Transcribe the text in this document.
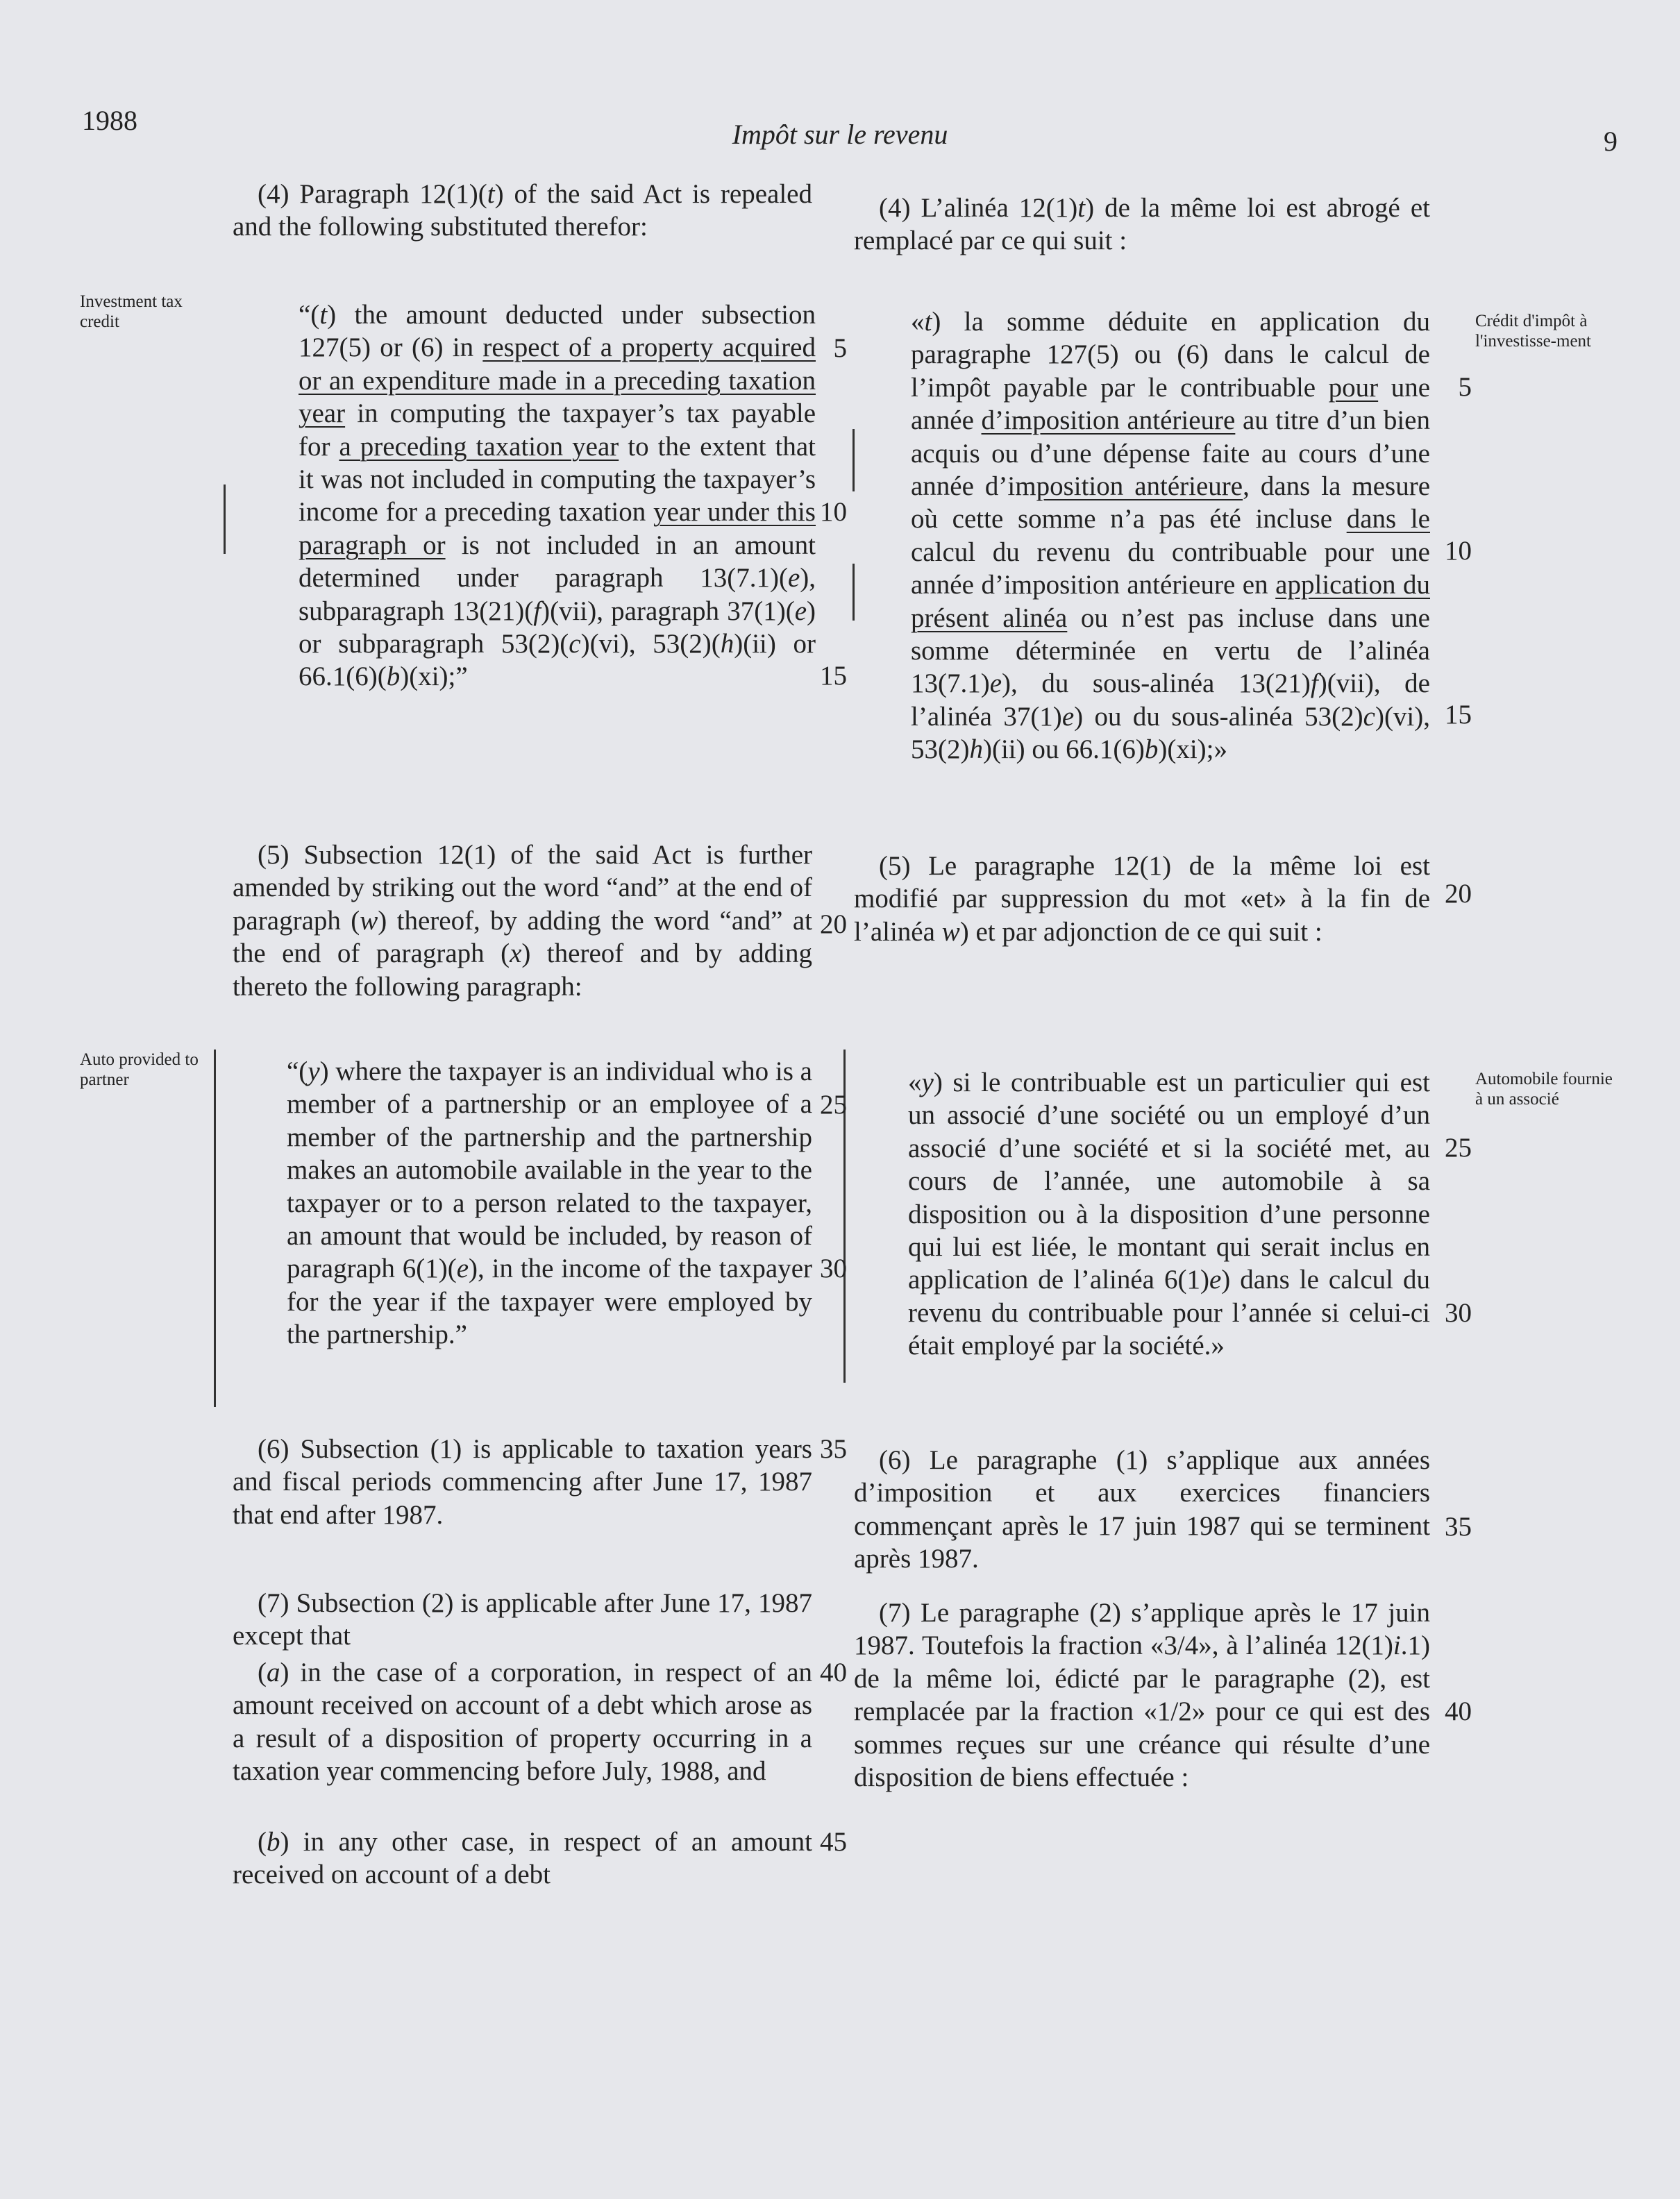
1988	Impôt sur le revenu	9
Investment tax credit
Auto provided to partner
Crédit d'impôt à l'investisse-ment
Automobile fournie à un associé

(4) Paragraph 12(1)(t) of the said Act is repealed and the following substituted therefor:

“(t) the amount deducted under subsection 127(5) or (6) in respect of a property acquired or an expenditure made in a preceding taxation year in computing the taxpayer’s tax payable for a preceding taxation year to the extent that it was not included in computing the taxpayer’s income for a preceding taxation year under this paragraph or is not included in an amount determined under paragraph 13(7.1)(e), subparagraph 13(21)(f)(vii), paragraph 37(1)(e) or subparagraph 53(2)(c)(vi), 53(2)(h)(ii) or 66.1(6)(b)(xi);”

(5) Subsection 12(1) of the said Act is further amended by striking out the word “and” at the end of paragraph (w) thereof, by adding the word “and” at the end of paragraph (x) thereof and by adding thereto the following paragraph:

“(y) where the taxpayer is an individual who is a member of a partnership or an employee of a member of the partnership and the partnership makes an automobile available in the year to the taxpayer or to a person related to the taxpayer, an amount that would be included, by reason of paragraph 6(1)(e), in the income of the taxpayer for the year if the taxpayer were employed by the partnership.”

(6) Subsection (1) is applicable to taxation years and fiscal periods commencing after June 17, 1987 that end after 1987.

(7) Subsection (2) is applicable after June 17, 1987 except that

(a) in the case of a corporation, in respect of an amount received on account of a debt which arose as a result of a disposition of property occurring in a taxation year commencing before July, 1988, and

(b) in any other case, in respect of an amount received on account of a debt

5
10
15
20
25
30
35
40
45

(4) L’alinéa 12(1)t) de la même loi est abrogé et remplacé par ce qui suit :

«t) la somme déduite en application du paragraphe 127(5) ou (6) dans le calcul de l’impôt payable par le contribuable pour une année d’imposition antérieure au titre d’un bien acquis ou d’une dépense faite au cours d’une année d’imposition antérieure, dans la mesure où cette somme n’a pas été incluse dans le calcul du revenu du contribuable pour une année d’imposition antérieure en application du présent alinéa ou n’est pas incluse dans une somme déterminée en vertu de l’alinéa 13(7.1)e), du sous-alinéa 13(21)f)(vii), de l’alinéa 37(1)e) ou du sous-alinéa 53(2)c)(vi), 53(2)h)(ii) ou 66.1(6)b)(xi);»

(5) Le paragraphe 12(1) de la même loi est modifié par suppression du mot «et» à la fin de l’alinéa w) et par adjonction de ce qui suit :

«y) si le contribuable est un particulier qui est un associé d’une société ou un employé d’un associé d’une société et si la société met, au cours de l’année, une automobile à sa disposition ou à la disposition d’une personne qui lui est liée, le montant qui serait inclus en application de l’alinéa 6(1)e) dans le calcul du revenu du contribuable pour l’année si celui-ci était employé par la société.»

(6) Le paragraphe (1) s’applique aux années d’imposition et aux exercices financiers commençant après le 17 juin 1987 qui se terminent après 1987.

(7) Le paragraphe (2) s’applique après le 17 juin 1987. Toutefois la fraction «3/4», à l’alinéa 12(1)i.1) de la même loi, édicté par le paragraphe (2), est remplacée par la fraction «1/2» pour ce qui est des sommes reçues sur une créance qui résulte d’une disposition de biens effectuée :

5
10
15
20
25
30
35
40
